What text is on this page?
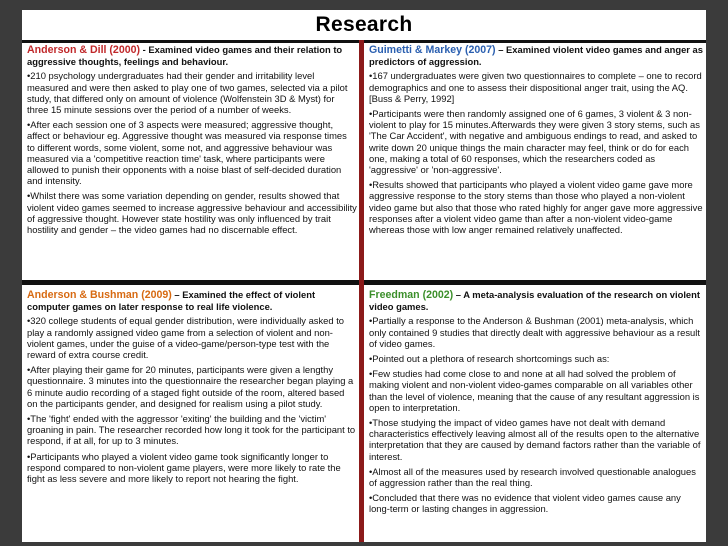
Research
Anderson & Dill (2000) - Examined video games and their relation to aggressive thoughts, feelings and behaviour.
•210 psychology undergraduates had their gender and irritability level measured and were then asked to play one of two games, selected via a pilot study, that differed only on amount of violence (Wolfenstein 3D & Myst) for three 15 minute sessions over the period of a number of weeks.
•After each session one of 3 aspects were measured; aggressive thought, affect or behaviour eg. Aggressive thought was measured via response times to different words, some violent, some not, and aggressive behaviour was measured via a 'competitive reaction time' task, where participants were allowed to punish their opponents with a noise blast of self-decided duration and intensity.
•Whilst there was some variation depending on gender, results showed that violent video games seemed to increase aggressive behaviour and accessibility of aggressive thought. However state hostility was only influenced by trait hostility and gender – the video games had no discernable effect.
Guimetti & Markey (2007) – Examined violent video games and anger as predictors of aggression.
•167 undergraduates were given two questionnaires to complete – one to record demographics and one to assess their dispositional anger trait, using the AQ. [Buss & Perry, 1992]
•Participants were then randomly assigned one of 6 games, 3 violent & 3 non-violent to play for 15 minutes.Afterwards they were given 3 story stems, such as 'The Car Accident', with negative and ambiguous endings to read, and asked to write down 20 unique things the main character may feel, think or do for each one, making a total of 60 responses, which the researchers coded as 'aggressive' or 'non-aggressive'.
•Results showed that participants who played a violent video game gave more aggressive response to the story stems than those who played a non-violent video game but also that those who rated highly for anger gave more aggressive responses after a violent video game than after a non-violent video-game whereas those with low anger remained relatively unaffected.
Anderson & Bushman (2009) – Examined the effect of violent computer games on later response to real life violence.
•320 college students of equal gender distribution, were individually asked to play a randomly assigned video game from a selection of violent and non-violent games, under the guise of a video-game/person-type test with the reward of extra course credit.
•After playing their game for 20 minutes, participants were given a lengthy questionnaire. 3 minutes into the questionnaire the researcher began playing a 6 minute audio recording of a staged fight outside of the room, altered based on the participants gender, and designed for realism using a pilot study.
•The 'fight' ended with the aggressor 'exiting' the building and the 'victim' groaning in pain. The researcher recorded how long it took for the participant to respond, if at all, for up to 3 minutes.
•Participants who played a violent video game took significantly longer to respond compared to non-violent game players, were more likely to rate the fight as less severe and more likely to report not hearing the fight.
Freedman (2002) – A meta-analysis evaluation of the research on violent video games.
•Partially a response to the Anderson & Bushman (2001) meta-analysis, which only contained 9 studies that directly dealt with aggressive behaviour as a result of video games.
•Pointed out a plethora of research shortcomings such as:
•Few studies had come close to and none at all had solved the problem of making violent and non-violent video-games comparable on all variables other than the level of violence, meaning that the cause of any resultant aggression is open to interpretation.
•Those studying the impact of video games have not dealt with demand characteristics effectively leaving almost all of the results open to the alternative interpretation that they are caused by demand factors rather than the variable of interest.
•Almost all of the measures used by research involved questionable analogues of aggression rather than the real thing.
•Concluded that there was no evidence that violent video games cause any long-term or lasting changes in aggression.
